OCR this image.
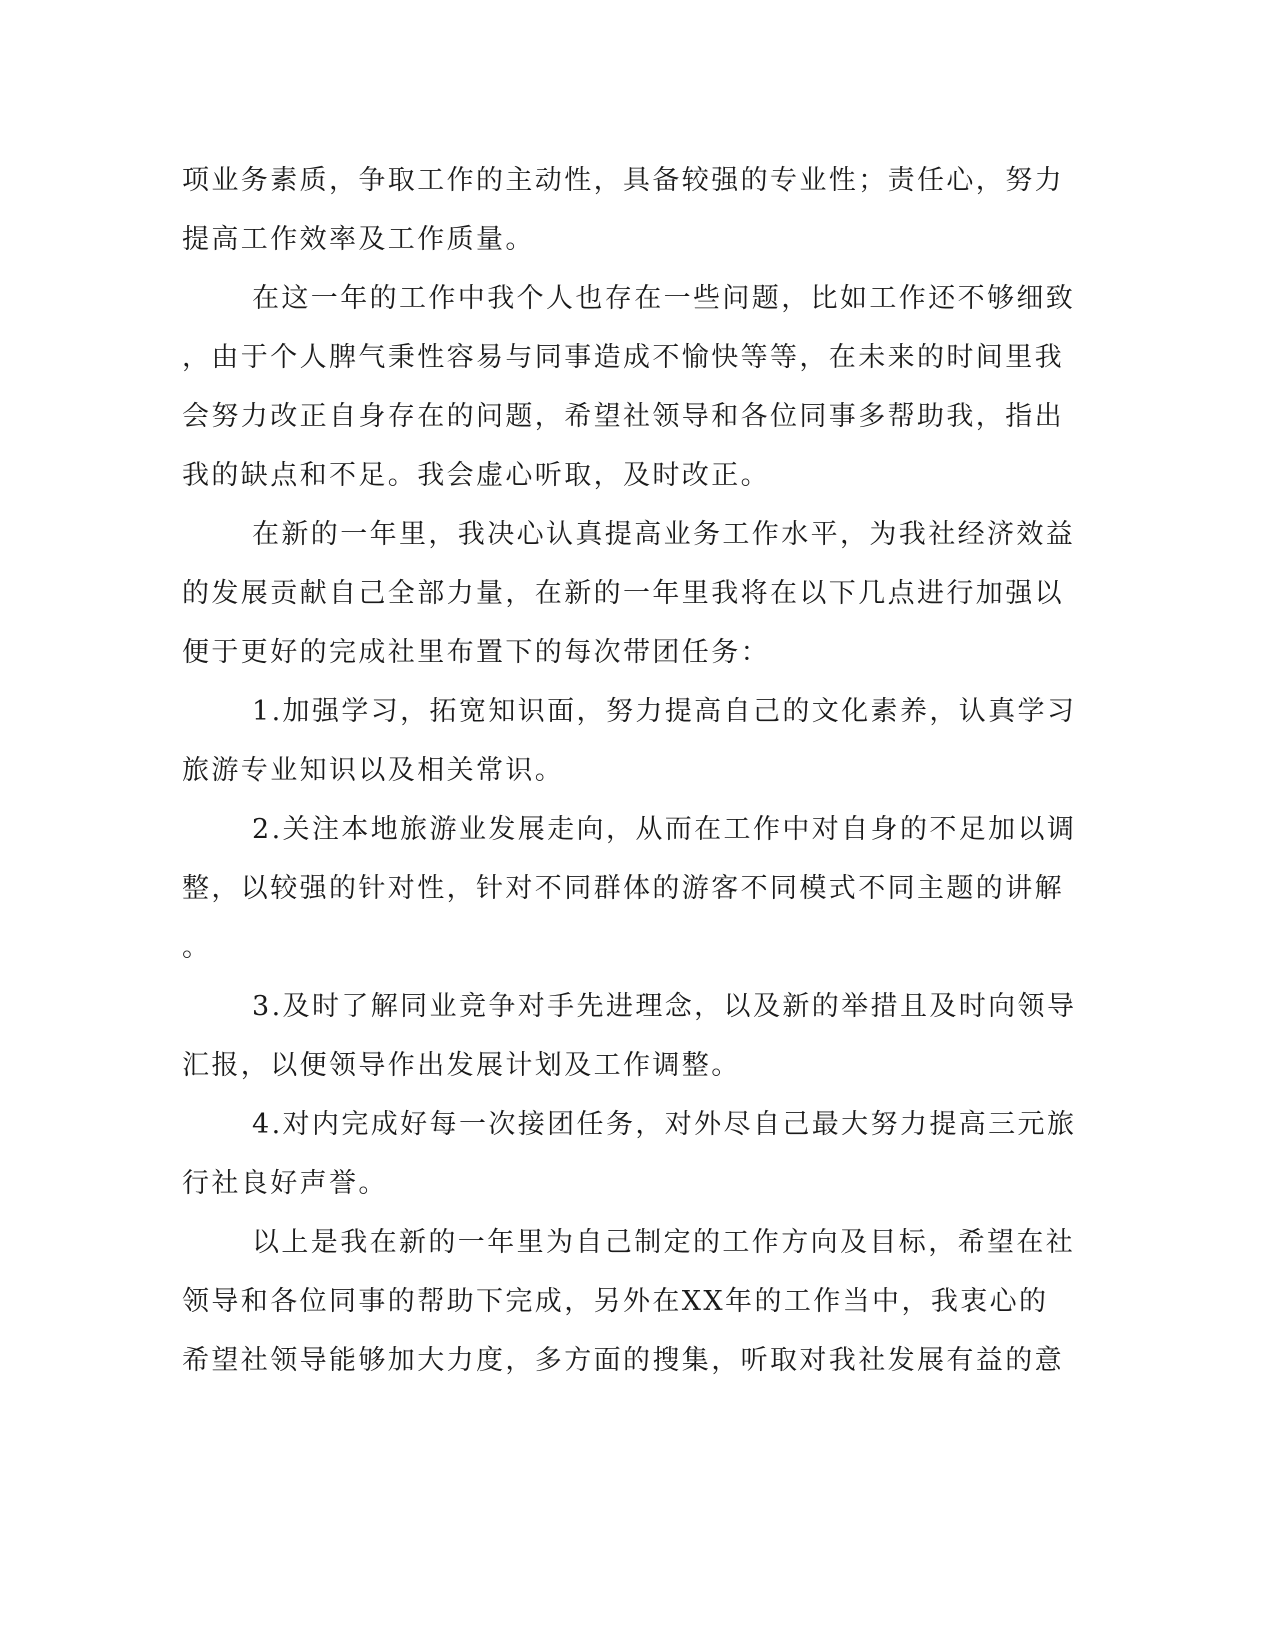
项业务素质，争取工作的主动性，具备较强的专业性；责任心，努力
提高工作效率及工作质量。
在这一年的工作中我个人也存在一些问题，比如工作还不够细致
，由于个人脾气秉性容易与同事造成不愉快等等，在未来的时间里我
会努力改正自身存在的问题，希望社领导和各位同事多帮助我，指出
我的缺点和不足。我会虚心听取，及时改正。
在新的一年里，我决心认真提高业务工作水平，为我社经济效益
的发展贡献自己全部力量，在新的一年里我将在以下几点进行加强以
便于更好的完成社里布置下的每次带团任务：
1.加强学习，拓宽知识面，努力提高自己的文化素养，认真学习
旅游专业知识以及相关常识。
2.关注本地旅游业发展走向，从而在工作中对自身的不足加以调
整，以较强的针对性，针对不同群体的游客不同模式不同主题的讲解
。
3.及时了解同业竞争对手先进理念，以及新的举措且及时向领导
汇报，以便领导作出发展计划及工作调整。
4.对内完成好每一次接团任务，对外尽自己最大努力提高三元旅
行社良好声誉。
以上是我在新的一年里为自己制定的工作方向及目标，希望在社
领导和各位同事的帮助下完成，另外在XX年的工作当中，我衷心的
希望社领导能够加大力度，多方面的搜集，听取对我社发展有益的意
